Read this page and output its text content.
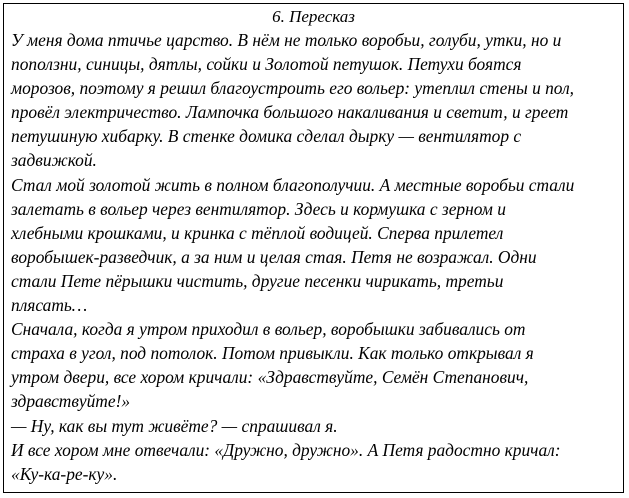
6. Пересказ
У меня дома птичье царство. В нём не только воробьи, голуби, утки, но и
поползни, синицы, дятлы, сойки и Золотой петушок. Петухи боятся
морозов, поэтому я решил благоустроить его вольер: утеплил стены и пол,
провёл электричество. Лампочка большого накаливания и светит, и греет
петушиную хибарку. В стенке домика сделал дырку — вентилятор с
задвижкой.
Стал мой золотой жить в полном благополучии. А местные воробьи стали
залетать в вольер через вентилятор. Здесь и кормушка с зерном и
хлебными крошками, и кринка с тёплой водицей. Сперва прилетел
воробышек-разведчик, а за ним и целая стая. Петя не возражал. Одни
стали Пете пёрышки чистить, другие песенки чирикать, третьи
плясать…
Сначала, когда я утром приходил в вольер, воробышки забивались от
страха в угол, под потолок. Потом привыкли. Как только открывал я
утром двери, все хором кричали: «Здравствуйте, Семён Степанович,
здравствуйте!»
— Ну, как вы тут живёте? — спрашивал я.
И все хором мне отвечали: «Дружно, дружно». А Петя радостно кричал:
«Ку-ка-ре-ку».
